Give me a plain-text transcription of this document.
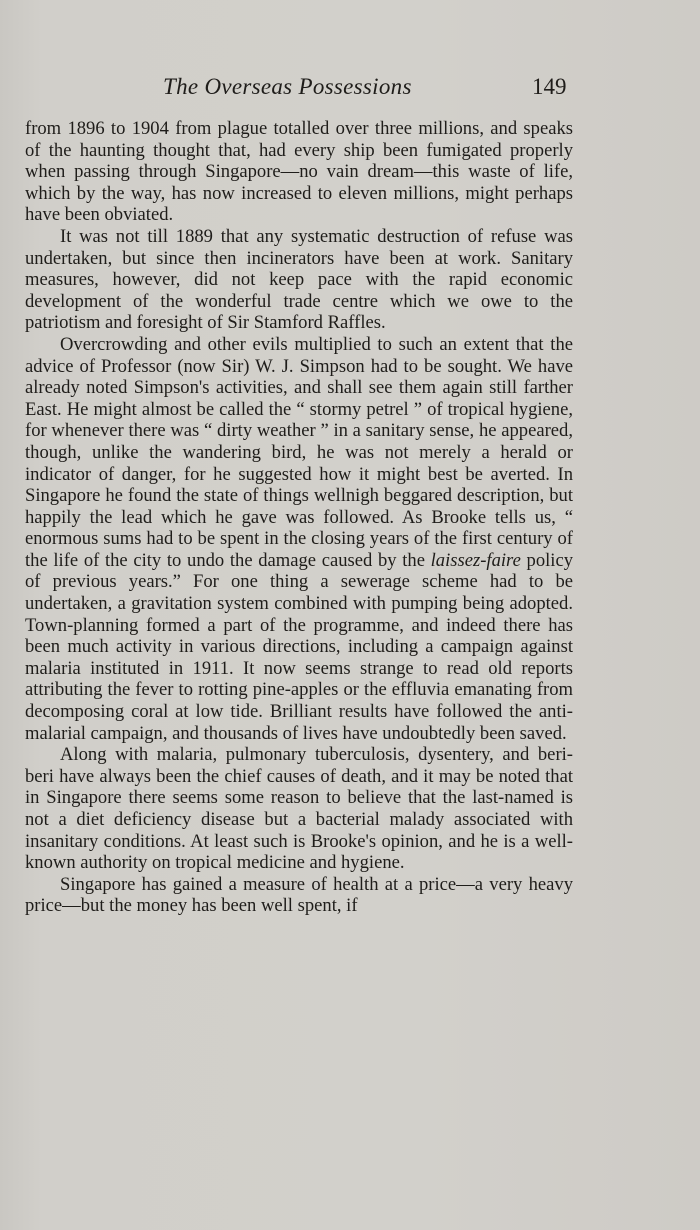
The Overseas Possessions	149

from 1896 to 1904 from plague totalled over three millions, and speaks of the haunting thought that, had every ship been fumigated properly when passing through Singapore—no vain dream—this waste of life, which by the way, has now increased to eleven millions, might perhaps have been obviated.

It was not till 1889 that any systematic destruction of refuse was undertaken, but since then incinerators have been at work. Sanitary measures, however, did not keep pace with the rapid economic development of the wonderful trade centre which we owe to the patriotism and foresight of Sir Stamford Raffles.

Overcrowding and other evils multiplied to such an extent that the advice of Professor (now Sir) W. J. Simpson had to be sought. We have already noted Simpson's activities, and shall see them again still farther East. He might almost be called the “ stormy petrel ” of tropical hygiene, for whenever there was “ dirty weather ” in a sanitary sense, he appeared, though, unlike the wandering bird, he was not merely a herald or indicator of danger, for he suggested how it might best be averted. In Singapore he found the state of things wellnigh beggared description, but happily the lead which he gave was followed. As Brooke tells us, “ enormous sums had to be spent in the closing years of the first century of the life of the city to undo the damage caused by the laissez-faire policy of previous years.” For one thing a sewerage scheme had to be undertaken, a gravitation system combined with pumping being adopted. Town-planning formed a part of the programme, and indeed there has been much activity in various directions, including a campaign against malaria instituted in 1911. It now seems strange to read old reports attributing the fever to rotting pine-apples or the effluvia emanating from decomposing coral at low tide. Brilliant results have followed the anti-malarial campaign, and thousands of lives have undoubtedly been saved.

Along with malaria, pulmonary tuberculosis, dysentery, and beri-beri have always been the chief causes of death, and it may be noted that in Singapore there seems some reason to believe that the last-named is not a diet deficiency disease but a bacterial malady associated with insanitary conditions. At least such is Brooke's opinion, and he is a well-known authority on tropical medicine and hygiene.

Singapore has gained a measure of health at a price—a very heavy price—but the money has been well spent, if
